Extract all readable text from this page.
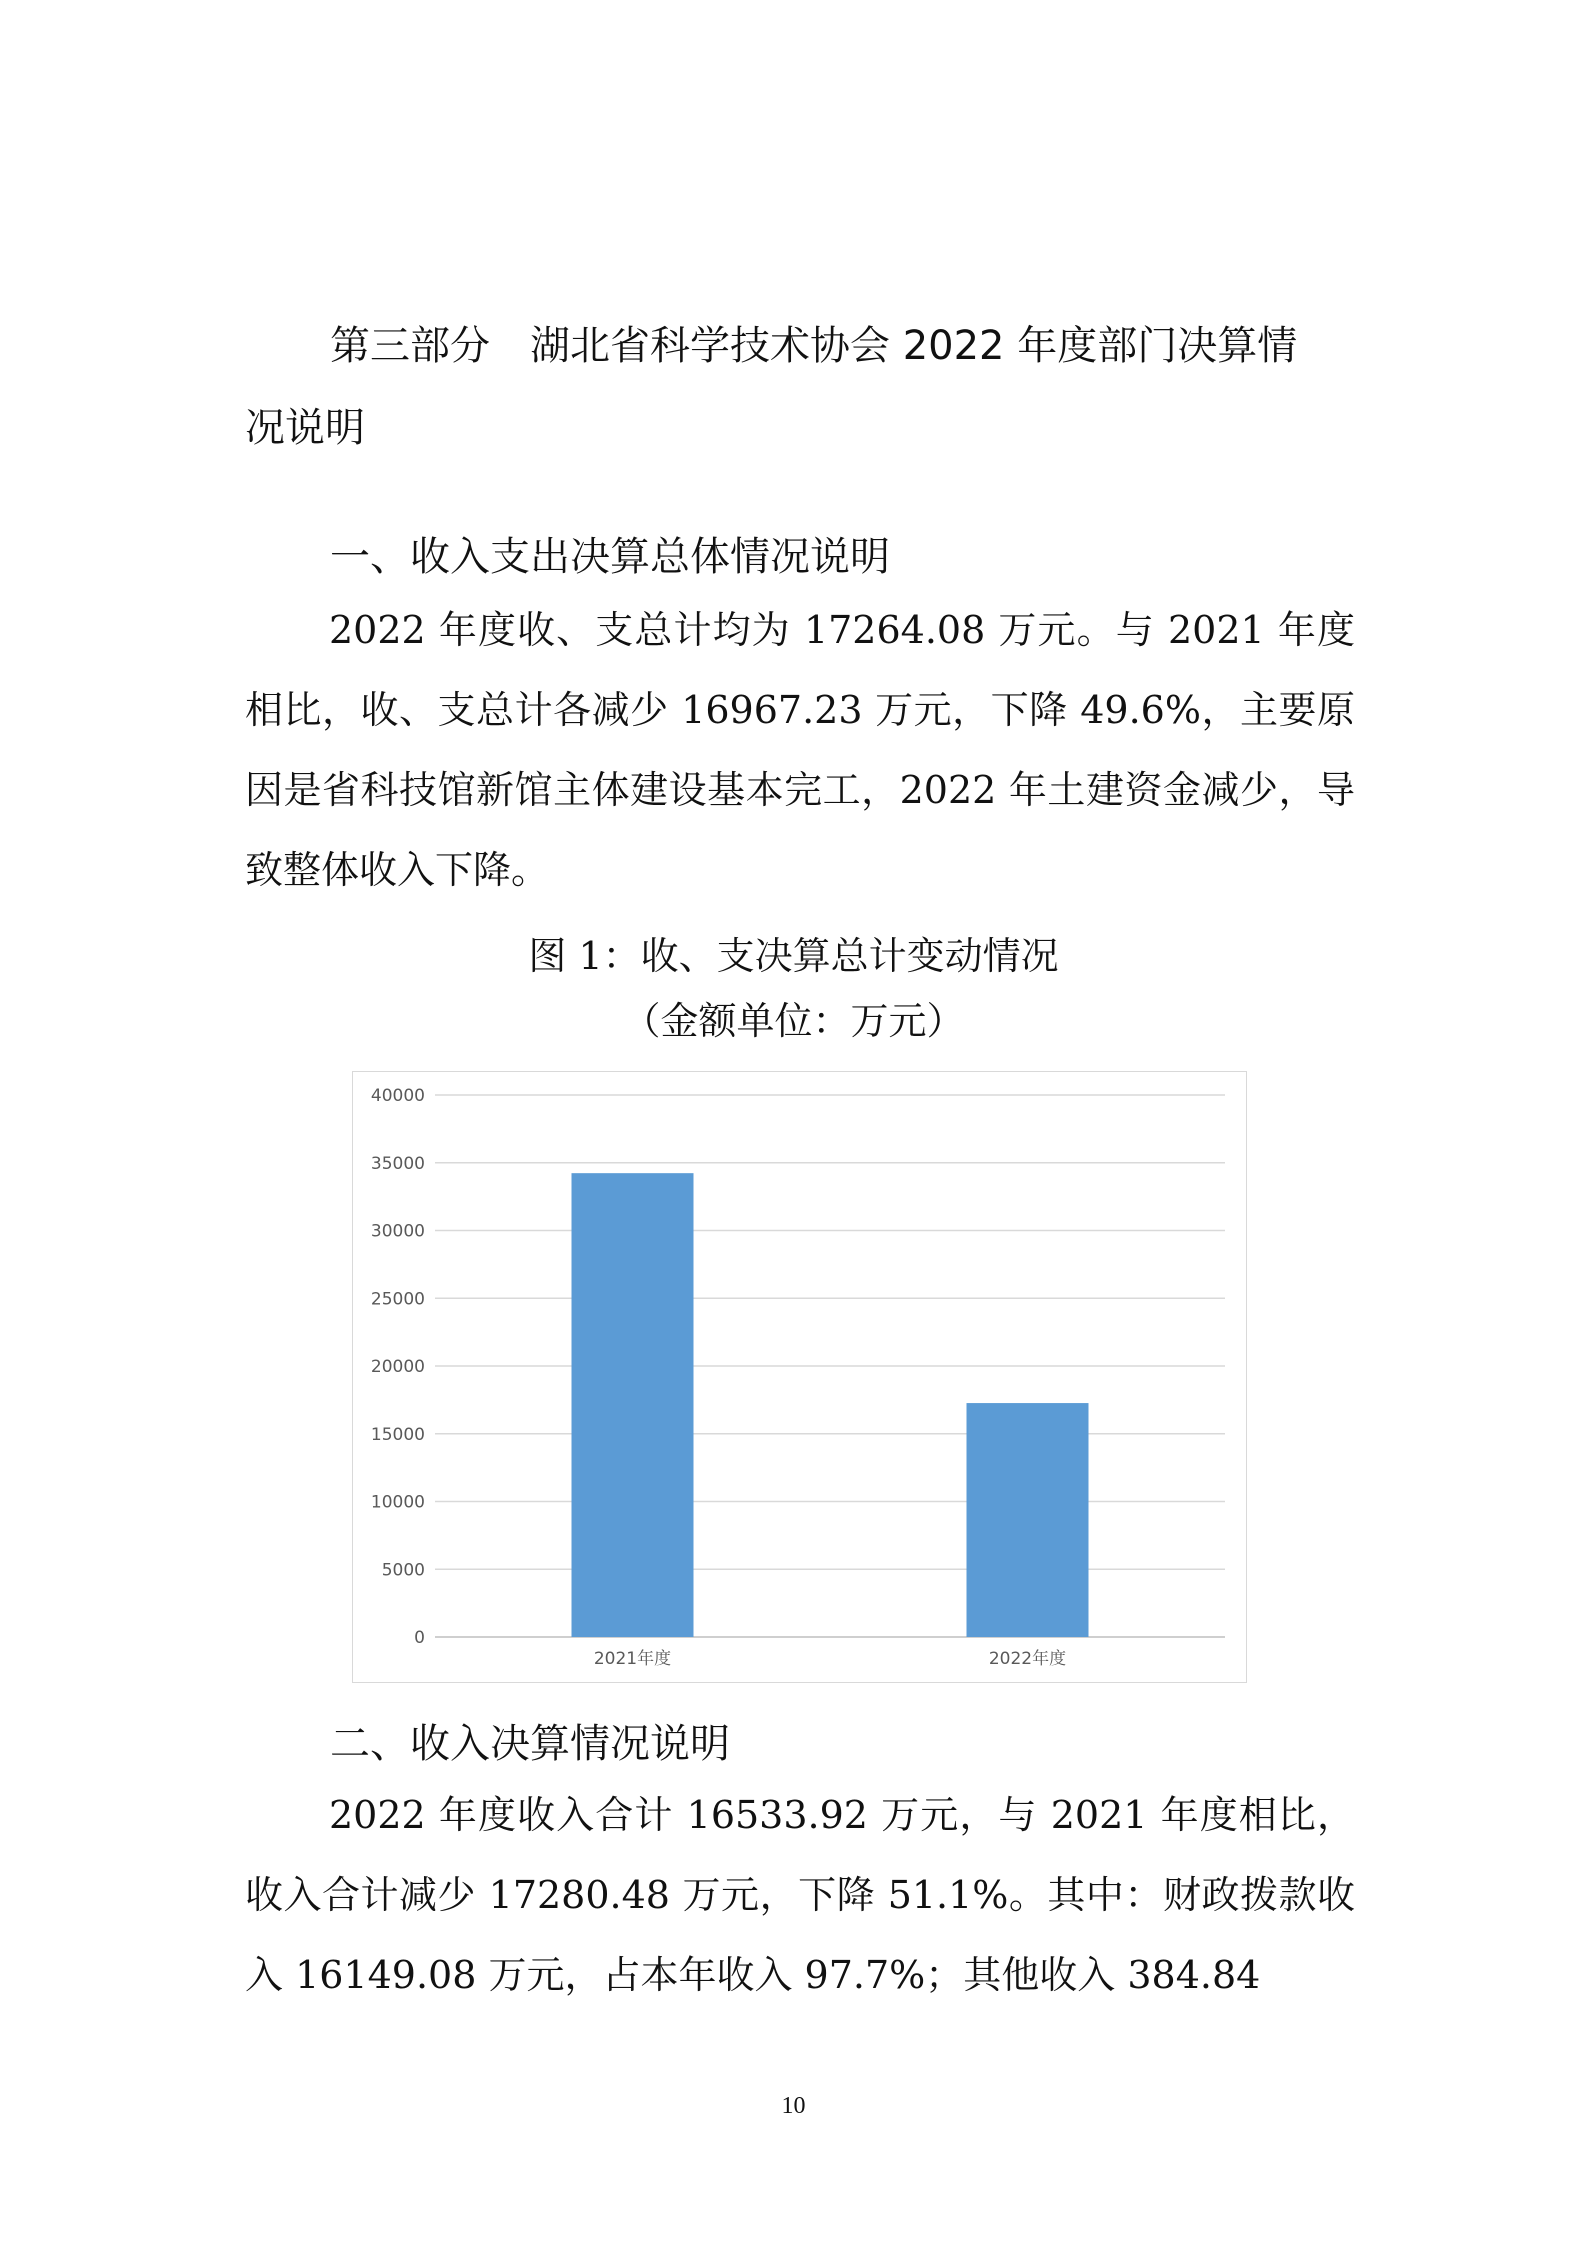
第三部分　湖北省科学技术协会 2022 年度部门决算情
况说明
一、收入支出决算总体情况说明

2022 年度收、支总计均为 17264.08 万元。与 2021 年度相比，收、支总计各减少 16967.23 万元，下降 49.6%，主要原因是省科技馆新馆主体建设基本完工，2022 年土建资金减少，导致整体收入下降。

图 1：收、支决算总计变动情况
（金额单位：万元）
0
5000
10000
15000
20000
25000
30000
35000
40000
2021年度	2022年度
二、收入决算情况说明

2022 年度收入合计 16533.92 万元，与 2021 年度相比，收入合计减少 17280.48 万元，下降 51.1%。其中：财政拨款收入 16149.08 万元，占本年收入 97.7%；其他收入 384.84

10
